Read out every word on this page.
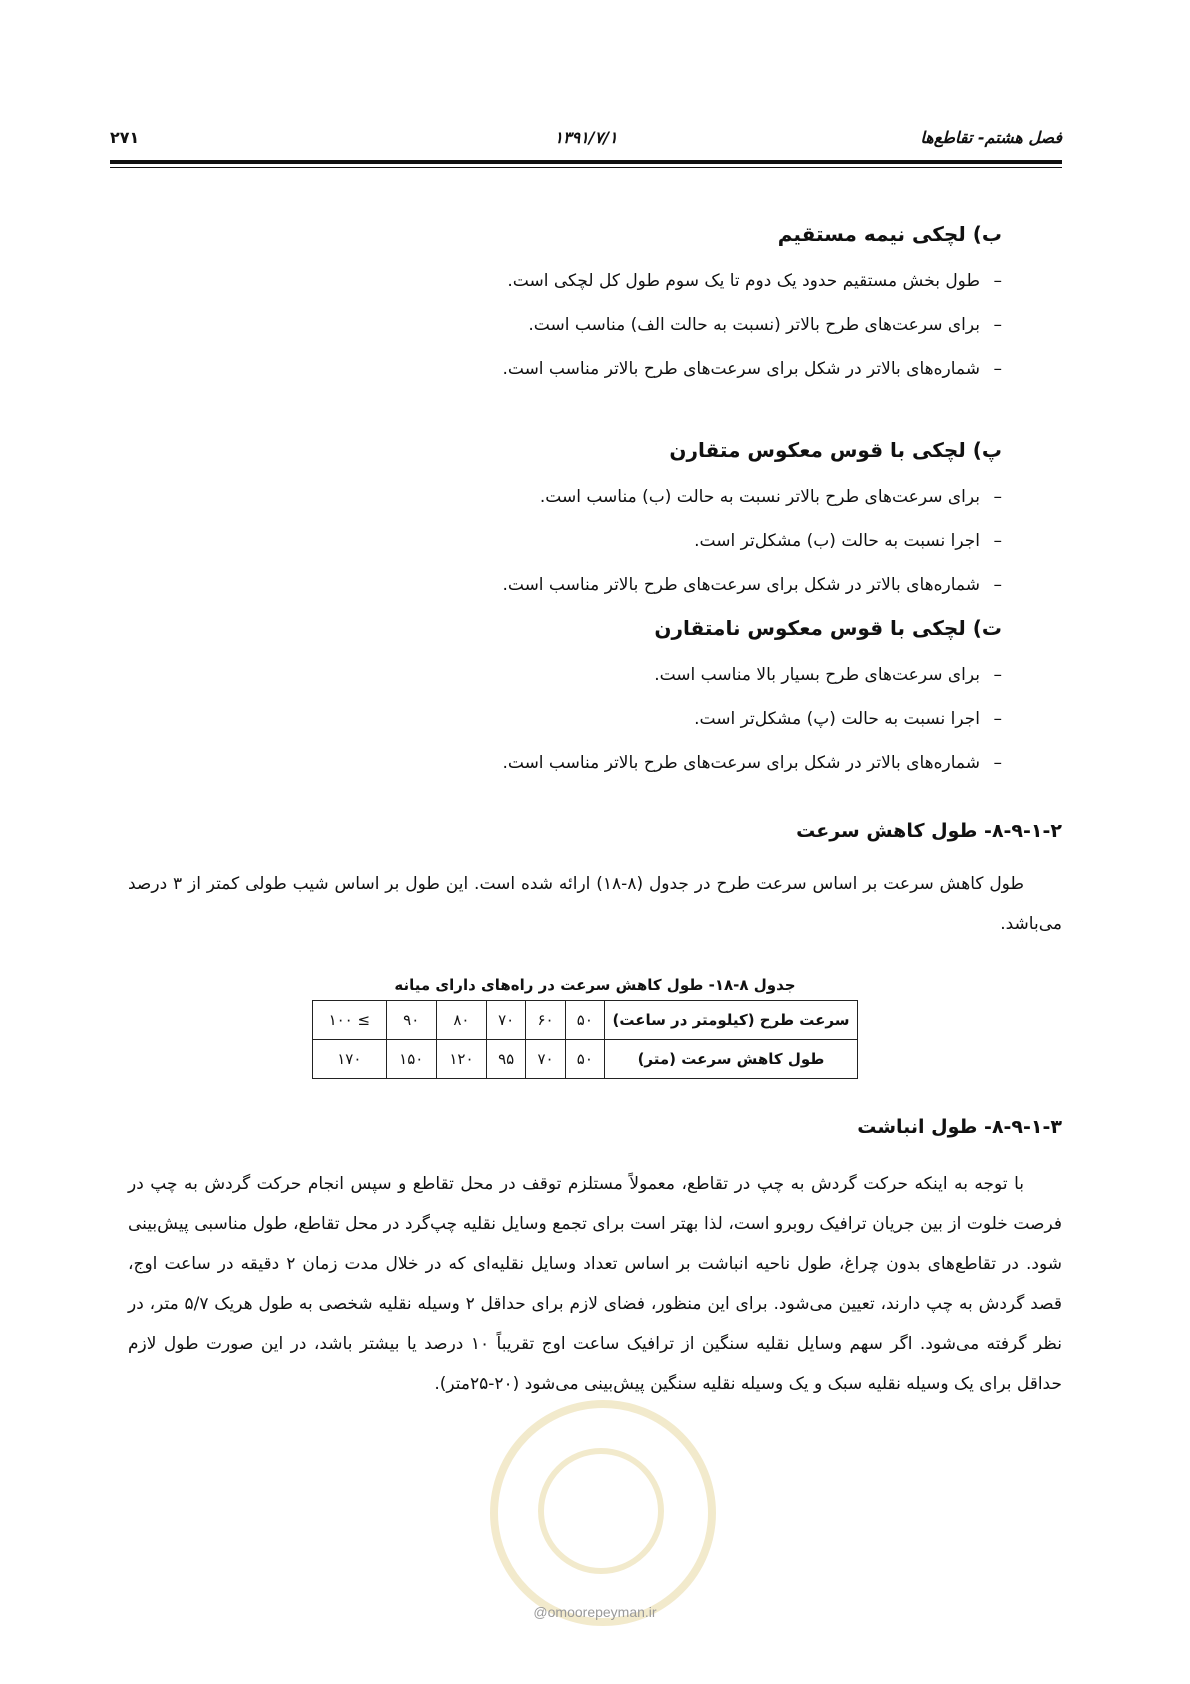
فصل هشتم- تقاطع‌ها
۱۳۹۱/۷/۱
۲۷۱
ب) لچکی نیمه مستقیم
–طول بخش مستقیم حدود یک دوم تا یک سوم طول کل لچکی است.
–برای سرعت‌های طرح بالاتر (نسبت به حالت الف) مناسب است.
–شماره‌های بالاتر در شکل برای سرعت‌های طرح بالاتر مناسب است.
پ) لچکی با قوس معکوس متقارن
–برای سرعت‌های طرح بالاتر نسبت به حالت (ب) مناسب است.
–اجرا نسبت به حالت (ب) مشکل‌تر است.
–شماره‌های بالاتر در شکل برای سرعت‌های طرح بالاتر مناسب است.
ت) لچکی با قوس معکوس نامتقارن
–برای سرعت‌های طرح بسیار بالا مناسب است.
–اجرا نسبت به حالت (پ) مشکل‌تر است.
–شماره‌های بالاتر در شکل برای سرعت‌های طرح بالاتر مناسب است.
۸-۹-۱-۲- طول کاهش سرعت
طول کاهش سرعت بر اساس سرعت طرح در جدول (۸-۱۸) ارائه شده است. این طول بر اساس شیب طولی کمتر از ۳ درصد می‌باشد.
جدول ۸-۱۸- طول کاهش سرعت در راه‌های دارای میانه
سرعت طرح (کیلومتر در ساعت)	۵۰	۶۰	۷۰	۸۰	۹۰	≥ ۱۰۰
طول کاهش سرعت (متر)	۵۰	۷۰	۹۵	۱۲۰	۱۵۰	۱۷۰
۸-۹-۱-۳- طول انباشت
با توجه به اینکه حرکت گردش به چپ در تقاطع، معمولاً مستلزم توقف در محل تقاطع و سپس انجام حرکت گردش به چپ در فرصت خلوت از بین جریان ترافیک روبرو است، لذا بهتر است برای تجمع وسایل نقلیه چپ‌گرد در محل تقاطع، طول مناسبی پیش‌بینی شود. در تقاطع‌های بدون چراغ، طول ناحیه انباشت بر اساس تعداد وسایل نقلیه‌ای که در خلال مدت زمان ۲ دقیقه در ساعت اوج، قصد گردش به چپ دارند، تعیین می‌شود. برای این منظور، فضای لازم برای حداقل ۲ وسیله نقلیه شخصی به طول هریک ۵/۷ متر، در نظر گرفته می‌شود. اگر سهم وسایل نقلیه سنگین از ترافیک ساعت اوج تقریباً ۱۰ درصد یا بیشتر باشد، در این صورت طول لازم حداقل برای یک وسیله نقلیه سبک و یک وسیله نقلیه سنگین پیش‌بینی می‌شود (۲۰-۲۵متر).
@omoorepeyman.ir
